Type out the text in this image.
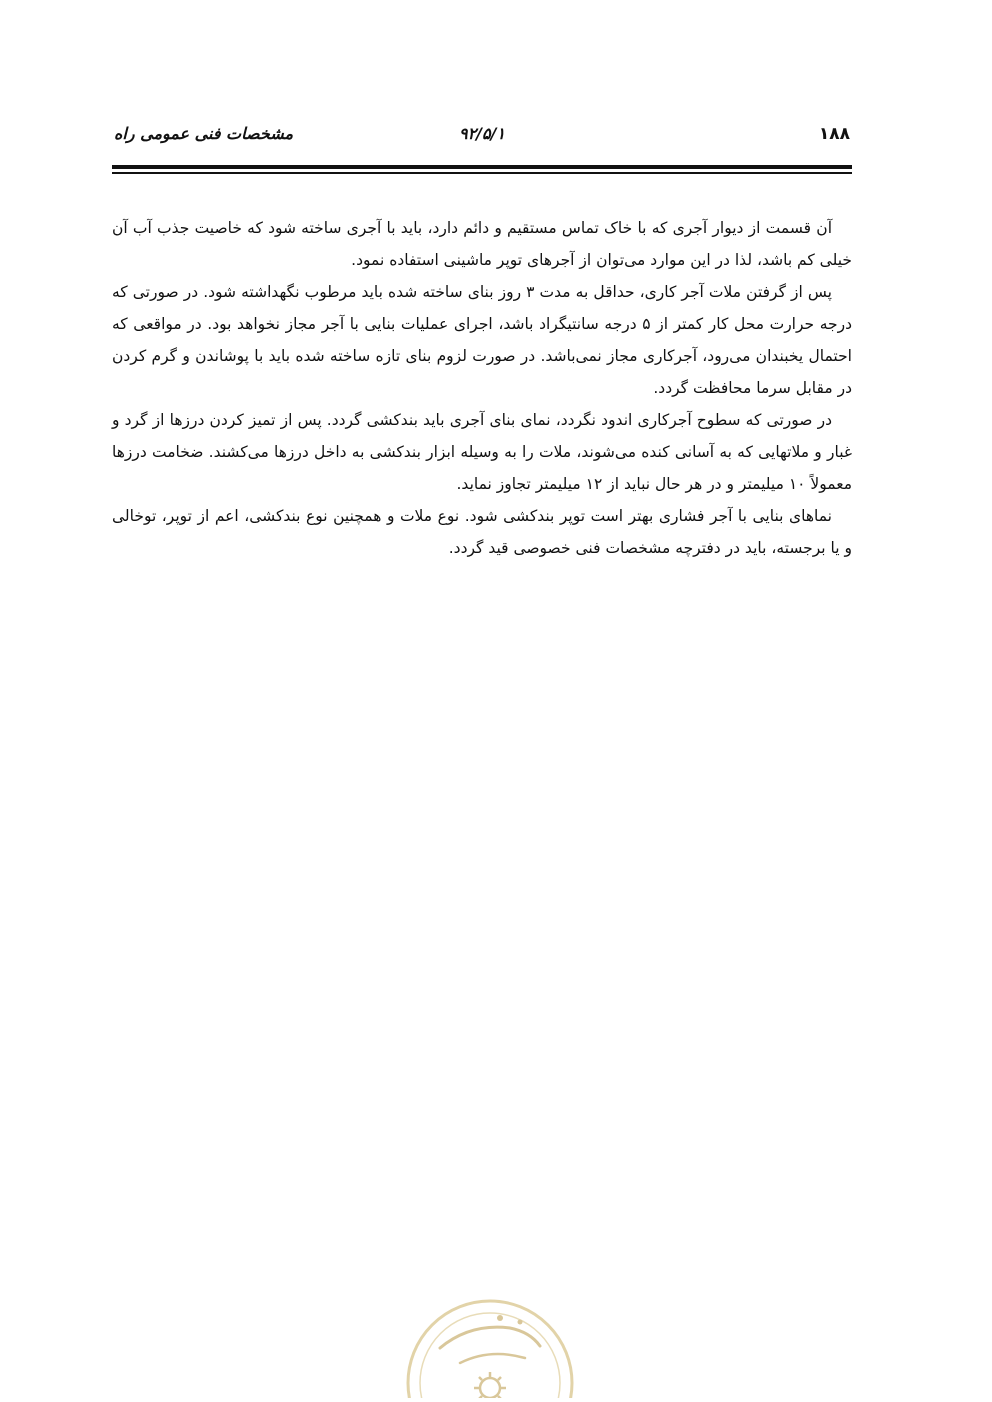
۱۸۸
۹۲/۵/۱
مشخصات فنی عمومی راه

آن قسمت از دیوار آجری که با خاک تماس مستقیم و دائم دارد، باید با آجری ساخته شود که خاصیت جذب آب آن خیلی کم باشد، لذا در این موارد می‌توان از آجرهای توپر ماشینی استفاده نمود.

پس از گرفتن ملات آجر کاری، حداقل به مدت ۳ روز بنای ساخته شده باید مرطوب نگهداشته شود. در صورتی که درجه حرارت محل کار کمتر از ۵ درجه سانتیگراد باشد، اجرای عملیات بنایی با آجر مجاز نخواهد بود. در مواقعی که احتمال یخبندان می‌رود، آجرکاری مجاز نمی‌باشد. در صورت لزوم بنای تازه ساخته شده باید با پوشاندن و گرم کردن در مقابل سرما محافظت گردد.

در صورتی که سطوح آجرکاری اندود نگردد، نمای بنای آجری باید بندکشی گردد. پس از تمیز کردن درزها از گرد و غبار و ملاتهایی که به آسانی کنده می‌شوند، ملات را به وسیله ابزار بندکشی به داخل درزها می‌کشند. ضخامت درزها معمولاً ۱۰ میلیمتر و در هر حال نباید از ۱۲ میلیمتر تجاوز نماید.

نماهای بنایی با آجر فشاری بهتر است توپر بندکشی شود. نوع ملات و همچنین نوع بندکشی، اعم از توپر، توخالی و یا برجسته، باید در دفترچه مشخصات فنی خصوصی قید گردد.
